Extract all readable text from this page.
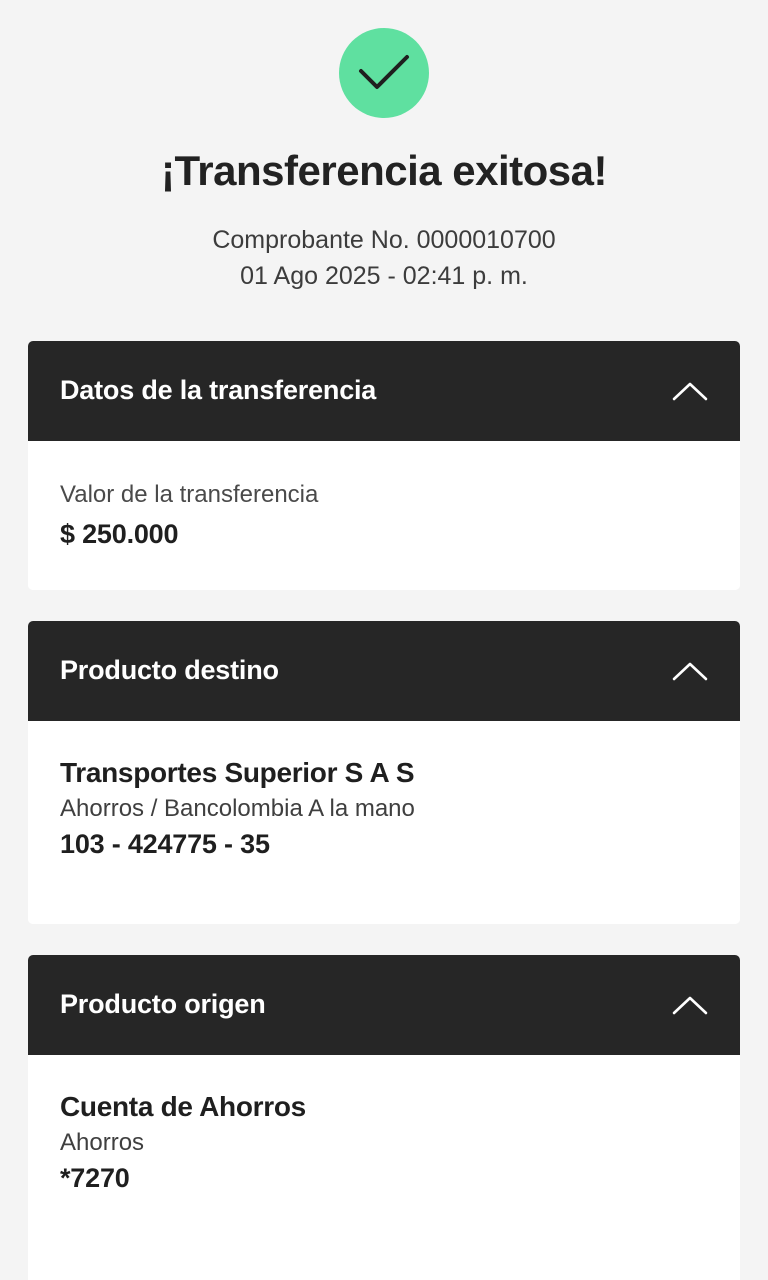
¡Transferencia exitosa!
Comprobante No. 0000010700
01 Ago 2025 - 02:41 p. m.
Datos de la transferencia
Valor de la transferencia
$ 250.000
Producto destino
Transportes Superior S A S
Ahorros / Bancolombia A la mano
103 - 424775 - 35
Producto origen
Cuenta de Ahorros
Ahorros
*7270
